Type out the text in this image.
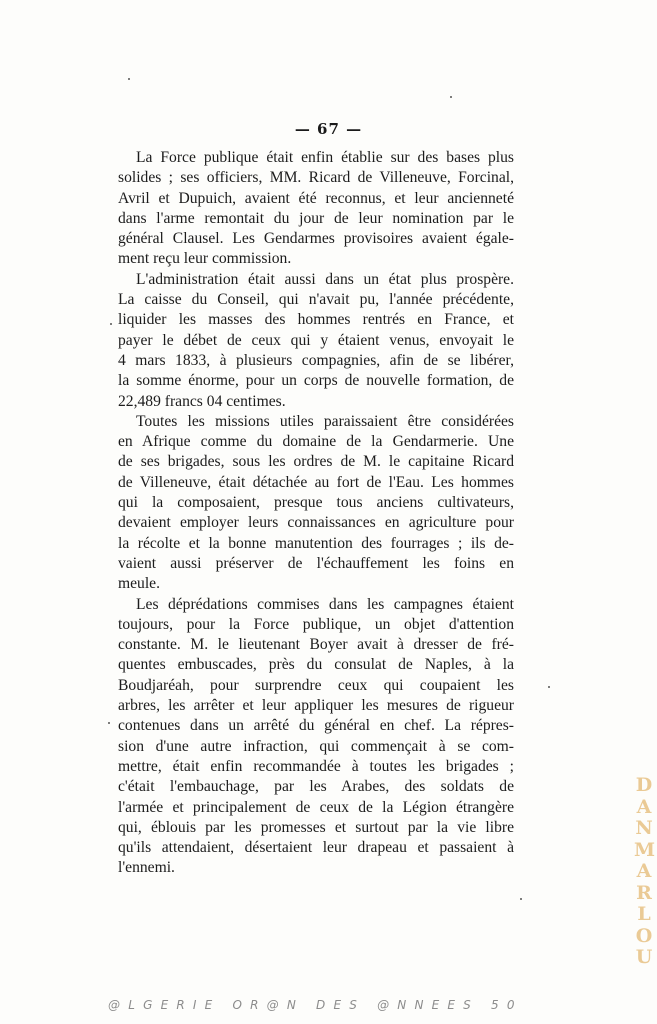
— 67 —
La Force publique était enfin établie sur des bases plus
solides ; ses officiers, MM. Ricard de Villeneuve, Forcinal,
Avril et Dupuich, avaient été reconnus, et leur ancienneté
dans l'arme remontait du jour de leur nomination par le
général Clausel. Les Gendarmes provisoires avaient égale-
ment reçu leur commission.
L'administration était aussi dans un état plus prospère.
La caisse du Conseil, qui n'avait pu, l'année précédente,
liquider les masses des hommes rentrés en France, et
payer le débet de ceux qui y étaient venus, envoyait le
4 mars 1833, à plusieurs compagnies, afin de se libérer,
la somme énorme, pour un corps de nouvelle formation, de
22,489 francs 04 centimes.
Toutes les missions utiles paraissaient être considérées
en Afrique comme du domaine de la Gendarmerie. Une
de ses brigades, sous les ordres de M. le capitaine Ricard
de Villeneuve, était détachée au fort de l'Eau. Les hommes
qui la composaient, presque tous anciens cultivateurs,
devaient employer leurs connaissances en agriculture pour
la récolte et la bonne manutention des fourrages ; ils de-
vaient aussi préserver de l'échauffement les foins en
meule.
Les déprédations commises dans les campagnes étaient
toujours, pour la Force publique, un objet d'attention
constante. M. le lieutenant Boyer avait à dresser de fré-
quentes embuscades, près du consulat de Naples, à la
Boudjaréah, pour surprendre ceux qui coupaient les
arbres, les arrêter et leur appliquer les mesures de rigueur
contenues dans un arrêté du général en chef. La répres-
sion d'une autre infraction, qui commençait à se com-
mettre, était enfin recommandée à toutes les brigades ;
c'était l'embauchage, par les Arabes, des soldats de
l'armée et principalement de ceux de la Légion étrangère
qui, éblouis par les promesses et surtout par la vie libre
qu'ils attendaient, désertaient leur drapeau et passaient à
l'ennemi.
D
A
N
M
A
R
L
O
U
@LGERIE OR@N DES @NNEES 50
